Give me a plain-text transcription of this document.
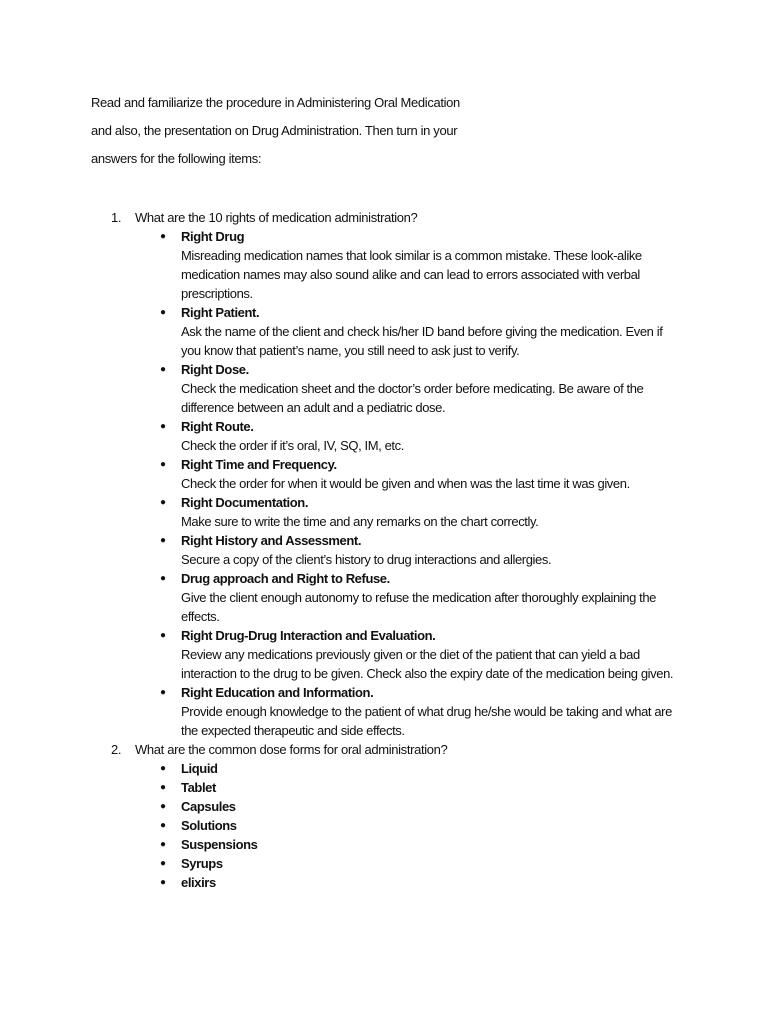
Read and familiarize the procedure in Administering Oral Medication

and also, the presentation on Drug Administration. Then turn in your

answers for the following items:

1.	What are the 10 rights of medication administration?
● Right Drug
Misreading medication names that look similar is a common mistake. These look-alike medication names may also sound alike and can lead to errors associated with verbal prescriptions.
● Right Patient.
Ask the name of the client and check his/her ID band before giving the medication. Even if you know that patient’s name, you still need to ask just to verify.
● Right Dose.
Check the medication sheet and the doctor’s order before medicating. Be aware of the difference between an adult and a pediatric dose.
● Right Route.
Check the order if it’s oral, IV, SQ, IM, etc.
● Right Time and Frequency.
Check the order for when it would be given and when was the last time it was given.
● Right Documentation.
Make sure to write the time and any remarks on the chart correctly.
● Right History and Assessment.
Secure a copy of the client’s history to drug interactions and allergies.
● Drug approach and Right to Refuse.
Give the client enough autonomy to refuse the medication after thoroughly explaining the effects.
● Right Drug-Drug Interaction and Evaluation.
Review any medications previously given or the diet of the patient that can yield a bad interaction to the drug to be given. Check also the expiry date of the medication being given.
● Right Education and Information.
Provide enough knowledge to the patient of what drug he/she would be taking and what are the expected therapeutic and side effects.
2.	What are the common dose forms for oral administration?
● Liquid
● Tablet
● Capsules
● Solutions
● Suspensions
● Syrups
● elixirs
